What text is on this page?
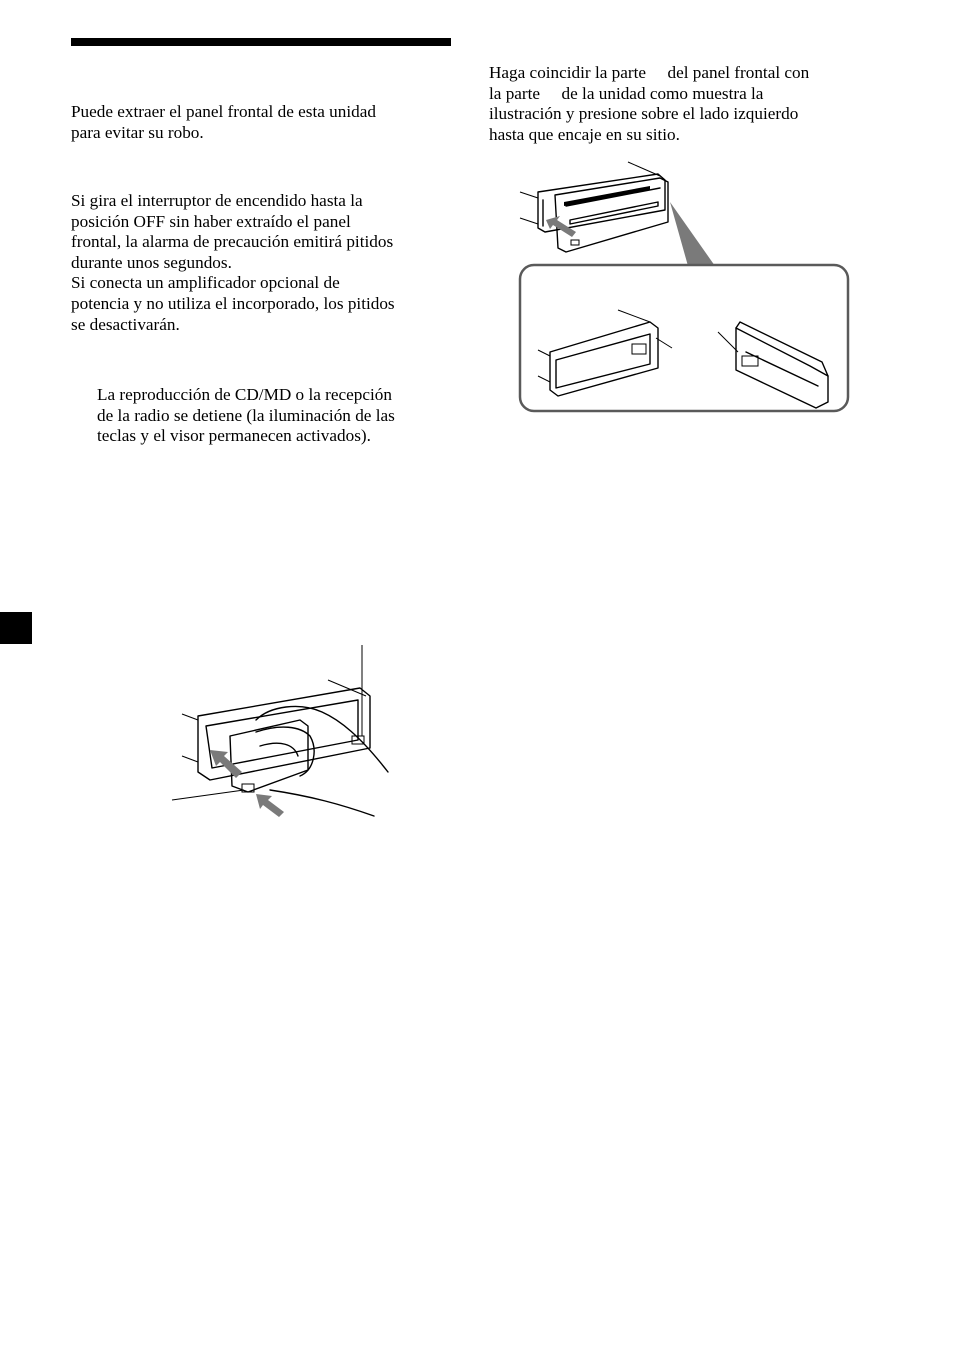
Puede extraer el panel frontal de esta unidad
para evitar su robo.
Si gira el interruptor de encendido hasta la
posición OFF sin haber extraído el panel
frontal, la alarma de precaución emitirá pitidos
durante unos segundos.
Si conecta un amplificador opcional de
potencia y no utiliza el incorporado, los pitidos
se desactivarán.
La reproducción de CD/MD o la recepción
de la radio se detiene (la iluminación de las
teclas y el visor permanecen activados).
Haga coincidir la parte     del panel frontal con
la parte     de la unidad como muestra la
ilustración y presione sobre el lado izquierdo
hasta que encaje en su sitio.
